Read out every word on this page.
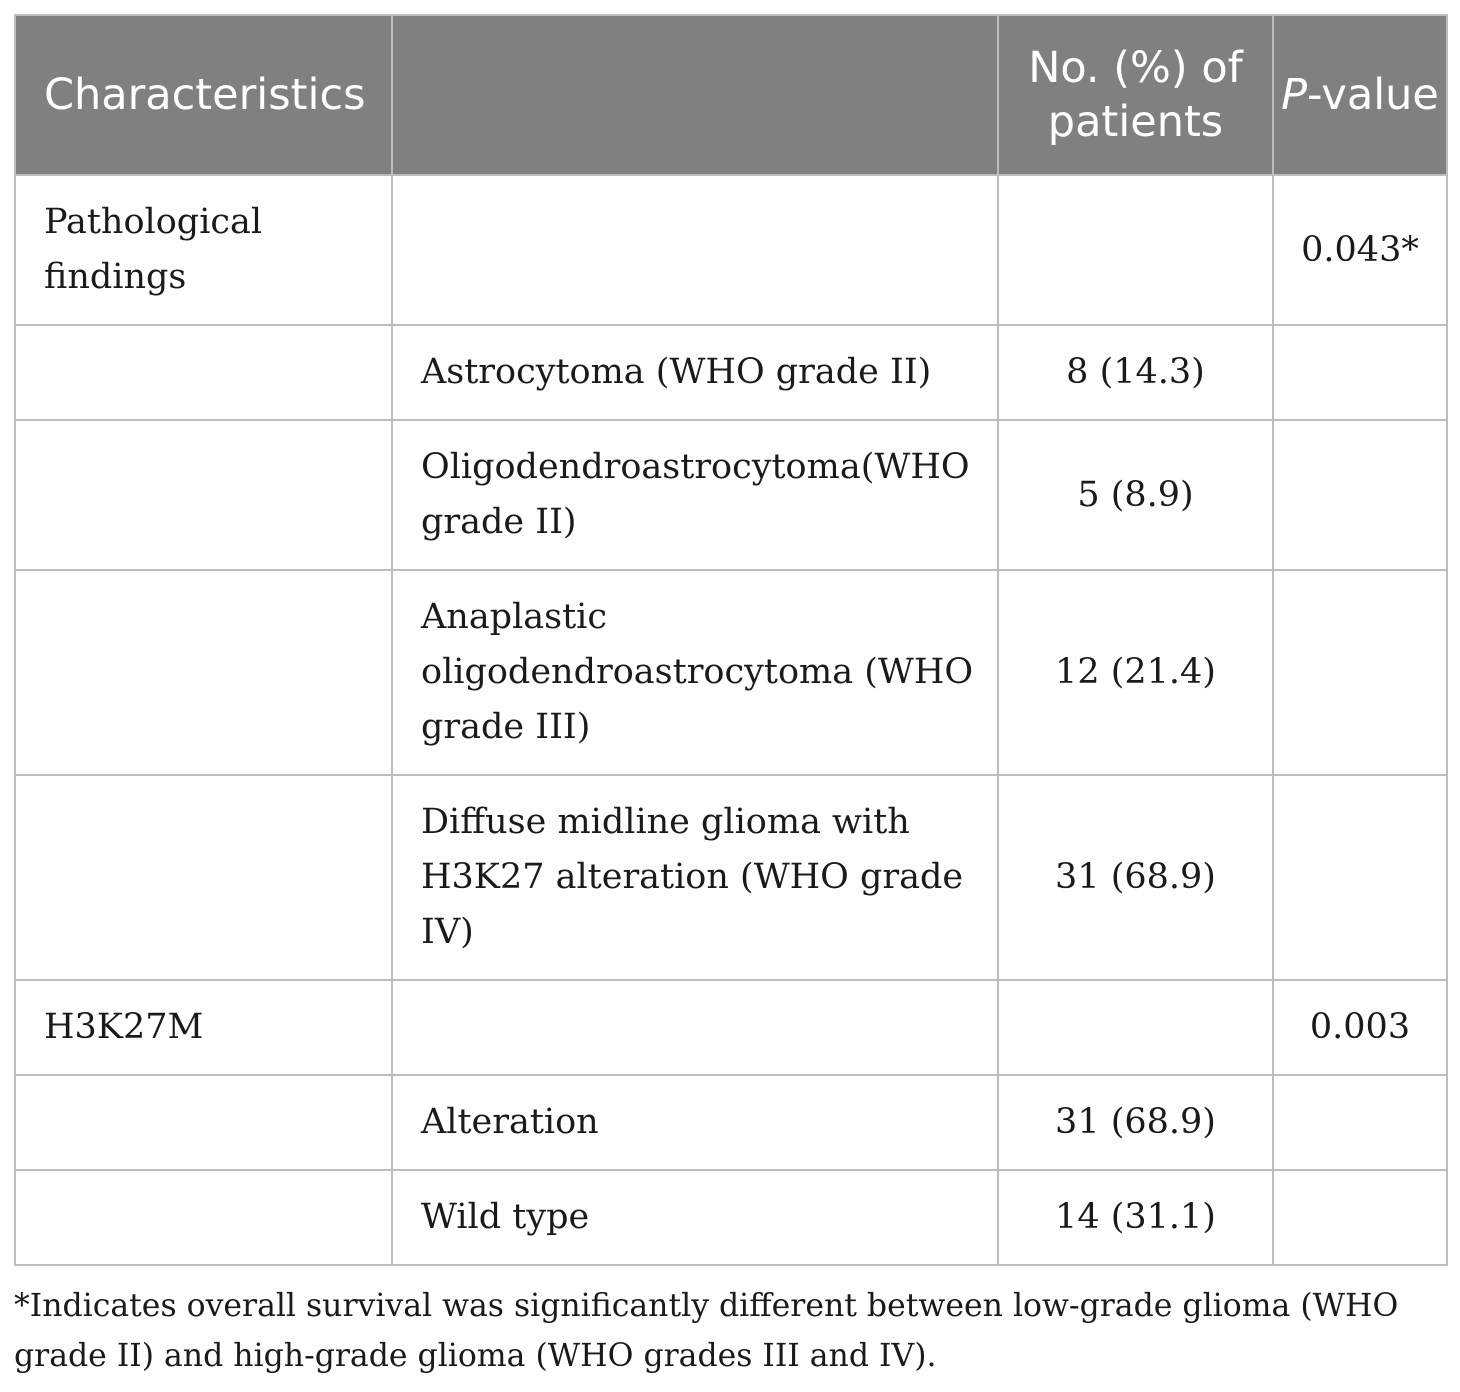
Characteristics		No. (%) of patients	P-value
Pathological findings			0.043*
	Astrocytoma (WHO grade II)	8 (14.3)	
	Oligodendroastrocytoma(WHO grade II)	5 (8.9)	
	Anaplastic oligodendroastrocytoma (WHO grade III)	12 (21.4)	
	Diffuse midline glioma with H3K27 alteration (WHO grade IV)	31 (68.9)	
H3K27M			0.003
	Alteration	31 (68.9)	
	Wild type	14 (31.1)	
*Indicates overall survival was significantly different between low-grade glioma (WHO grade II) and high-grade glioma (WHO grades III and IV).
